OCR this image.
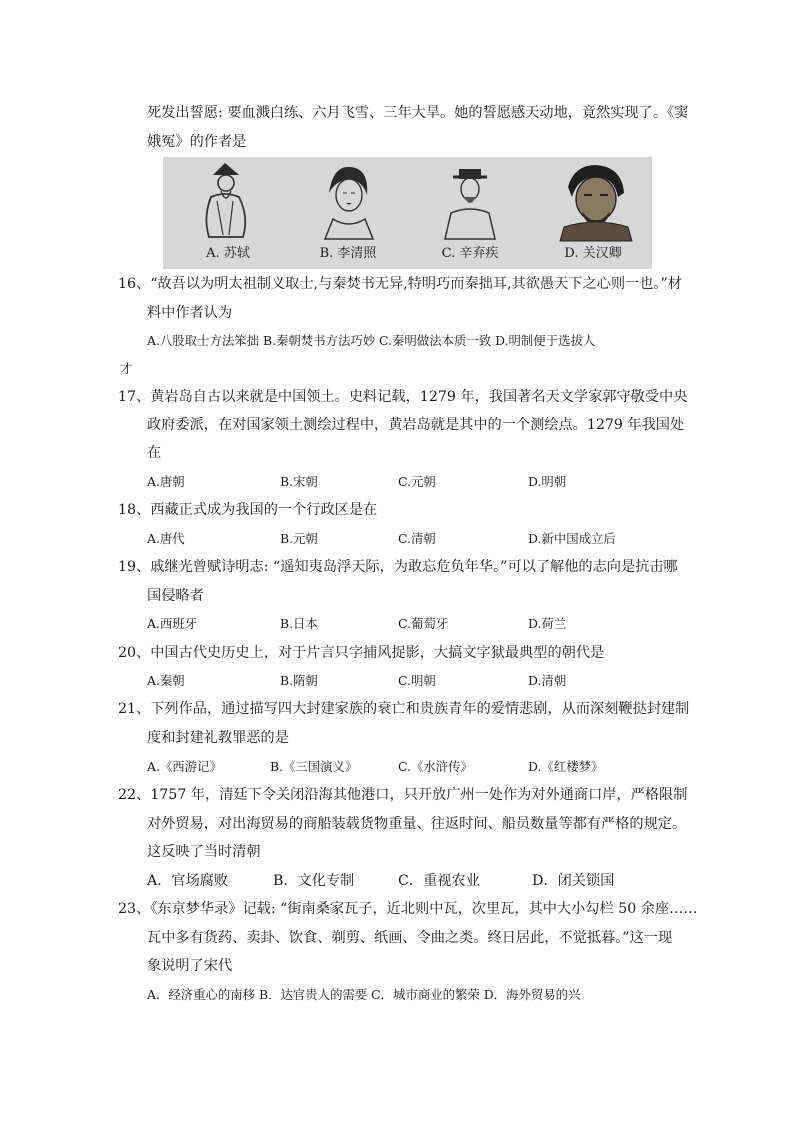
死发出誓愿: 要血溅白练、六月飞雪、三年大旱。她的誓愿感天动地，竟然实现了。《窦
娥冤》的作者是
A. 苏轼	B. 李清照	C. 辛弃疾	D. 关汉卿
16、“故吾以为明太祖制义取士,与秦焚书无异,特明巧而秦拙耳,其欲愚天下之心则一也。”材
料中作者认为
A.八股取士方法笨拙 B.秦朝焚书方法巧妙 C.秦明做法本质一致 D.明制便于选拔人
才
17、黄岩岛自古以来就是中国领土。史料记载，1279 年，我国著名天文学家郭守敬受中央
政府委派，在对国家领土测绘过程中，黄岩岛就是其中的一个测绘点。1279 年我国处
在
A.唐朝	B.宋朝	C.元朝	D.明朝
18、西藏正式成为我国的一个行政区是在
A.唐代	B.元朝	C.清朝	D.新中国成立后
19、戚继光曾赋诗明志: “遥知夷岛浮天际，为敢忘危负年华。”可以了解他的志向是抗击哪
国侵略者
A.西班牙	B.日本	C.葡萄牙	D.荷兰
20、中国古代史历史上，对于片言只字捕风捉影，大搞文字狱最典型的朝代是
A.秦朝	B.隋朝	C.明朝	D.清朝
21、下列作品，通过描写四大封建家族的衰亡和贵族青年的爱情悲剧，从而深刻鞭挞封建制
度和封建礼教罪恶的是
A.《西游记》	B.《三国演义》	C.《水浒传》	D.《红楼梦》
22、1757 年，清廷下令关闭沿海其他港口，只开放广州一处作为对外通商口岸，严格限制
对外贸易，对出海贸易的商船装载货物重量、往返时间、船员数量等都有严格的规定。
这反映了当时清朝
A．官场腐败	B．文化专制	C．重视农业	D．闭关锁国
23、《东京梦华录》记载: “街南桑家瓦子，近北则中瓦，次里瓦，其中大小勾栏 50 余座……
瓦中多有货药、卖卦、饮食、剃剪、纸画、令曲之类。终日居此，不觉抵暮。”这一现
象说明了宋代
A．经济重心的南移 B．达官贵人的需要 C．城市商业的繁荣 D．海外贸易的兴
